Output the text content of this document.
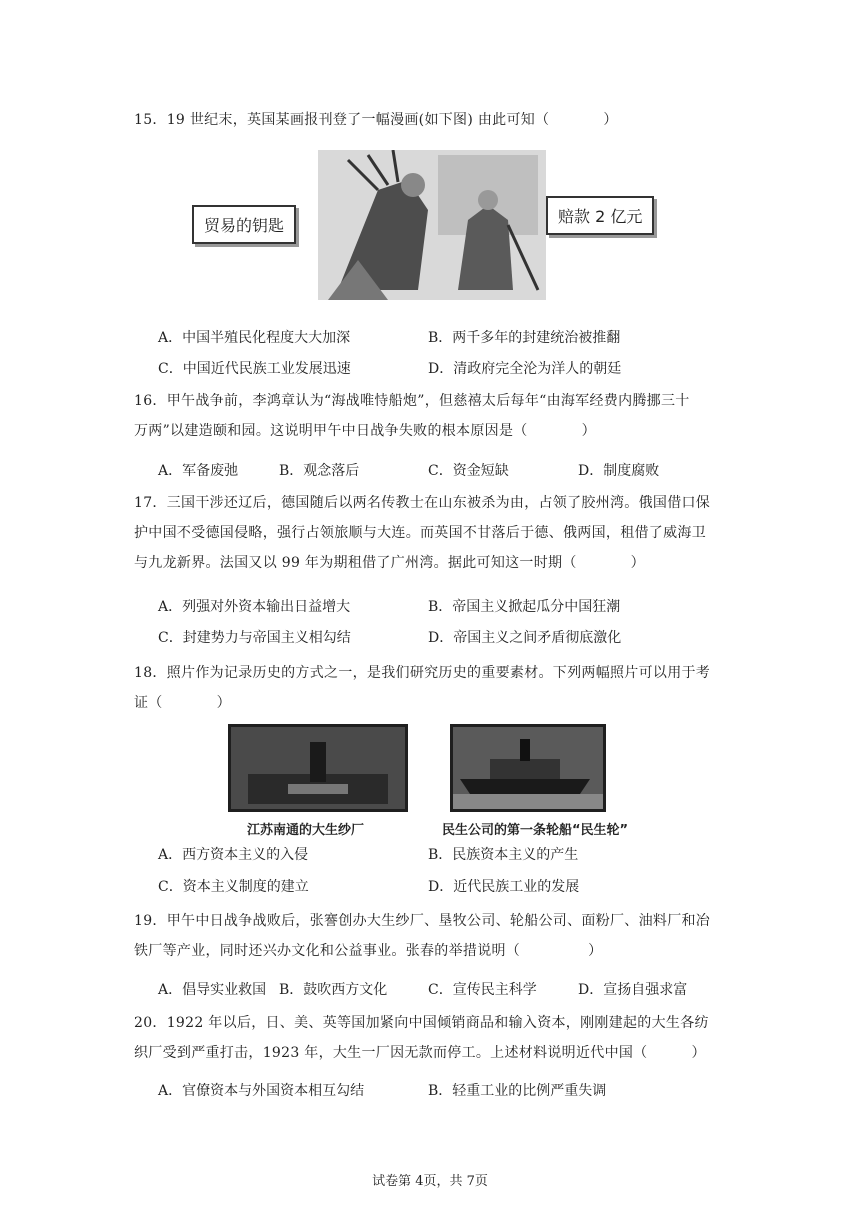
15．19 世纪末，英国某画报刊登了一幅漫画(如下图) 由此可知（	）
贸易的钥匙	赔款 2 亿元
A．中国半殖民化程度大大加深	B．两千多年的封建统治被推翻
C．中国近代民族工业发展迅速	D．清政府完全沦为洋人的朝廷
16．甲午战争前，李鸿章认为“海战唯恃船炮”，但慈禧太后每年“由海军经费内腾挪三十
万两”以建造颐和园。这说明甲午中日战争失败的根本原因是（	）
A．军备废弛	B．观念落后	C．资金短缺	D．制度腐败
17．三国干涉还辽后，德国随后以两名传教士在山东被杀为由，占领了胶州湾。俄国借口保
护中国不受德国侵略，强行占领旅顺与大连。而英国不甘落后于德、俄两国，租借了威海卫
与九龙新界。法国又以 99 年为期租借了广州湾。据此可知这一时期（	）
A．列强对外资本输出日益增大	B．帝国主义掀起瓜分中国狂潮
C．封建势力与帝国主义相勾结	D．帝国主义之间矛盾彻底激化
18．照片作为记录历史的方式之一，是我们研究历史的重要素材。下列两幅照片可以用于考
证（	）
江苏南通的大生纱厂	民生公司的第一条轮船“民生轮”
A．西方资本主义的入侵	B．民族资本主义的产生
C．资本主义制度的建立	D．近代民族工业的发展
19．甲午中日战争战败后，张謇创办大生纱厂、垦牧公司、轮船公司、面粉厂、油料厂和冶
铁厂等产业，同时还兴办文化和公益事业。张春的举措说明（	）
A．倡导实业救国 B．鼓吹西方文化	C．宣传民主科学	D．宣扬自强求富
20．1922 年以后，日、美、英等国加紧向中国倾销商品和输入资本，刚刚建起的大生各纺
织厂受到严重打击，1923 年，大生一厂因无款而停工。上述材料说明近代中国（	）
A．官僚资本与外国资本相互勾结	B．轻重工业的比例严重失调
试卷第 4页，共 7页
